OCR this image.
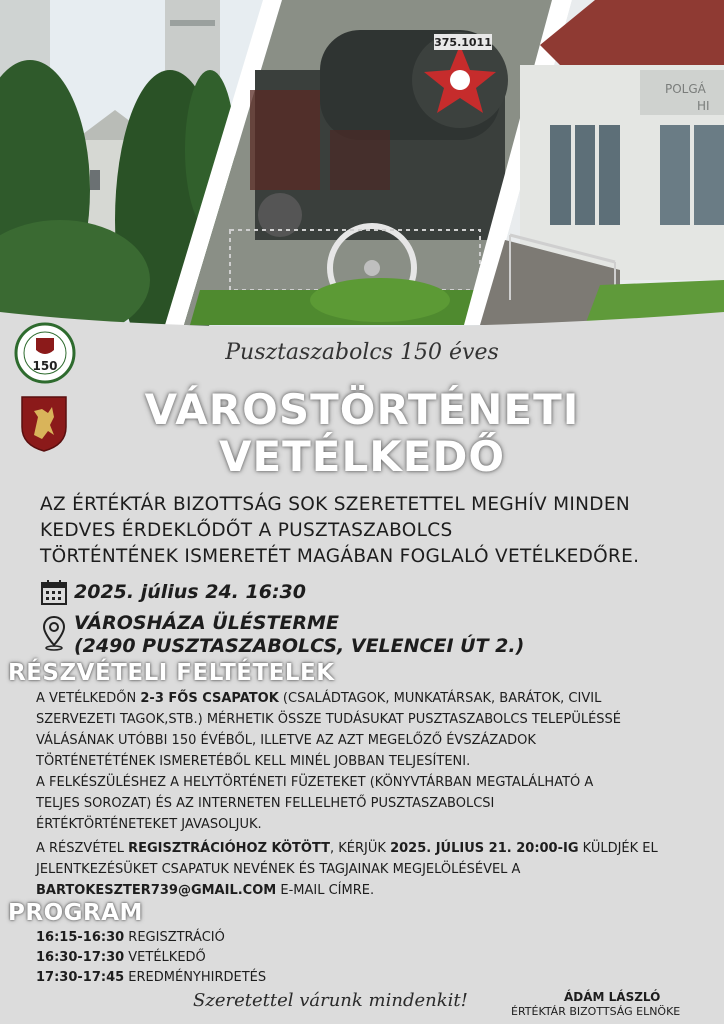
375.1011
POLGÁ
HI
150
Pusztaszabolcs 150 éves
VÁROSTÖRTÉNETI
VETÉLKEDŐ
AZ ÉRTÉKTÁR BIZOTTSÁG SOK SZERETETTEL MEGHÍV MINDEN
KEDVES ÉRDEKLŐDŐT A PUSZTASZABOLCS
TÖRTÉNTÉNEK ISMERETÉT MAGÁBAN FOGLALÓ VETÉLKEDŐRE.
2025. július 24. 16:30
VÁROSHÁZA ÜLÉSTERME
(2490 PUSZTASZABOLCS, VELENCEI ÚT 2.)
RÉSZVÉTELI FELTÉTELEK
A VETÉLKEDŐN 2-3 FŐS CSAPATOK (CSALÁDTAGOK, MUNKATÁRSAK, BARÁTOK, CIVIL
SZERVEZETI TAGOK,STB.) MÉRHETIK ÖSSZE TUDÁSUKAT PUSZTASZABOLCS TELEPÜLÉSSÉ
VÁLÁSÁNAK UTÓBBI 150 ÉVÉBŐL, ILLETVE AZ AZT MEGELŐZŐ ÉVSZÁZADOK
TÖRTÉNETÉTÉNEK ISMERETÉBŐL KELL MINÉL JOBBAN TELJESÍTENI.
A FELKÉSZÜLÉSHEZ A HELYTÖRTÉNETI FÜZETEKET (KÖNYVTÁRBAN MEGTALÁLHATÓ A
TELJES SOROZAT) ÉS AZ INTERNETEN FELLELHETŐ PUSZTASZABOLCSI
ÉRTÉKTÖRTÉNETEKET JAVASOLJUK.
A RÉSZVÉTEL REGISZTRÁCIÓHOZ KÖTÖTT, KÉRJÜK 2025. JÚLIUS 21. 20:00-IG KÜLDJÉK EL
JELENTKEZÉSÜKET CSAPATUK NEVÉNEK ÉS TAGJAINAK MEGJELÖLÉSÉVEL A
BARTOKESZTER739@GMAIL.COM E-MAIL CÍMRE.
PROGRAM
16:15-16:30 REGISZTRÁCIÓ
16:30-17:30 VETÉLKEDŐ
17:30-17:45 EREDMÉNYHIRDETÉS
Szeretettel várunk mindenkit!	ÁDÁM LÁSZLÓ
ÉRTÉKTÁR BIZOTTSÁG ELNÖKE
